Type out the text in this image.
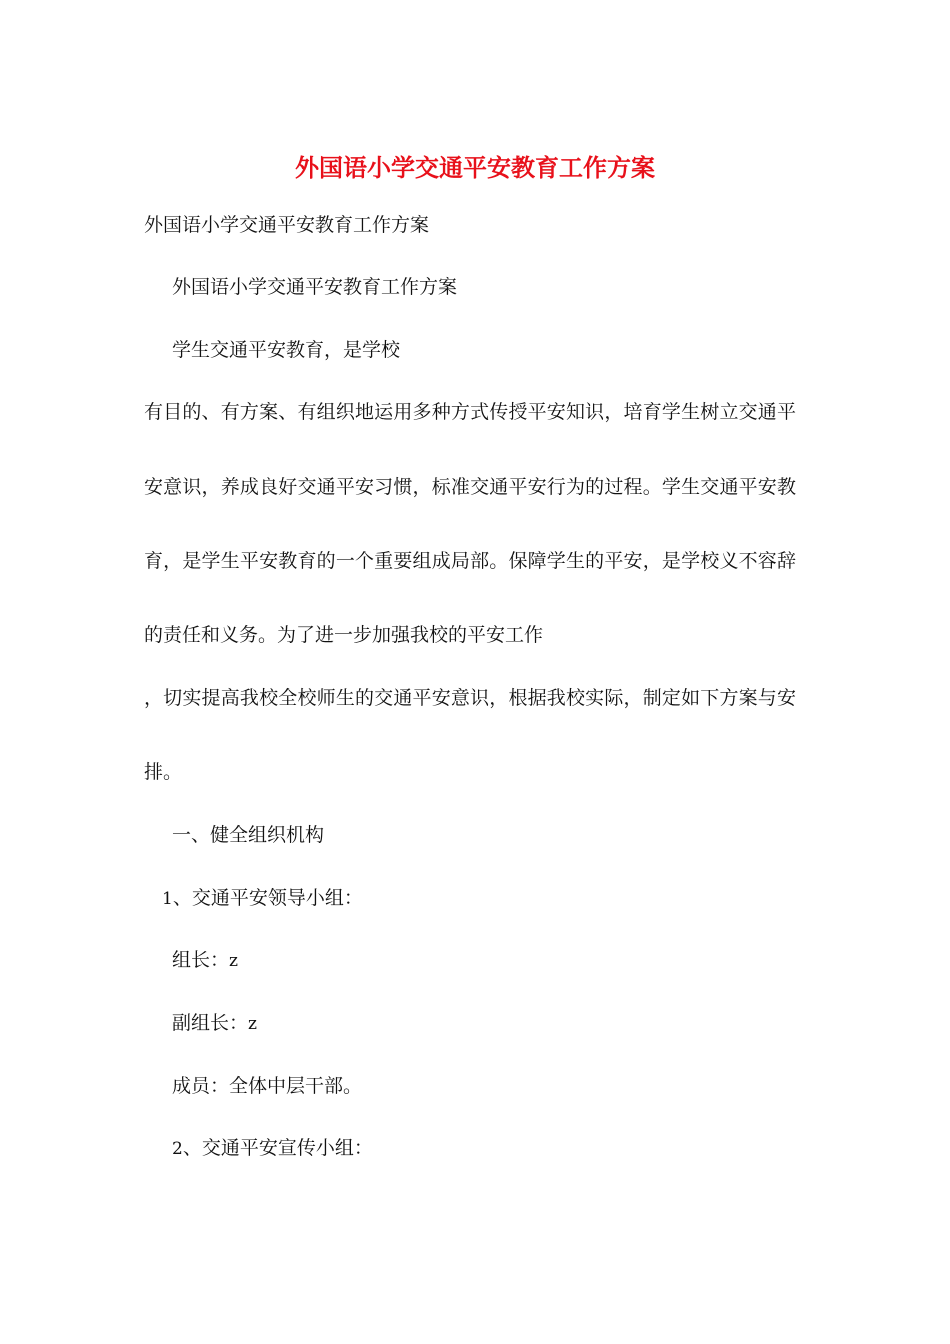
外国语小学交通平安教育工作方案
外国语小学交通平安教育工作方案
外国语小学交通平安教育工作方案
学生交通平安教育，是学校
有目的、有方案、有组织地运用多种方式传授平安知识，培育学生树立交通平
安意识，养成良好交通平安习惯，标准交通平安行为的过程。学生交通平安教
育，是学生平安教育的一个重要组成局部。保障学生的平安，是学校义不容辞
的责任和义务。为了进一步加强我校的平安工作
，切实提高我校全校师生的交通平安意识，根据我校实际，制定如下方案与安
排。
一、健全组织机构
1、交通平安领导小组：
组长：z
副组长：z
成员：全体中层干部。
2、交通平安宣传小组：
